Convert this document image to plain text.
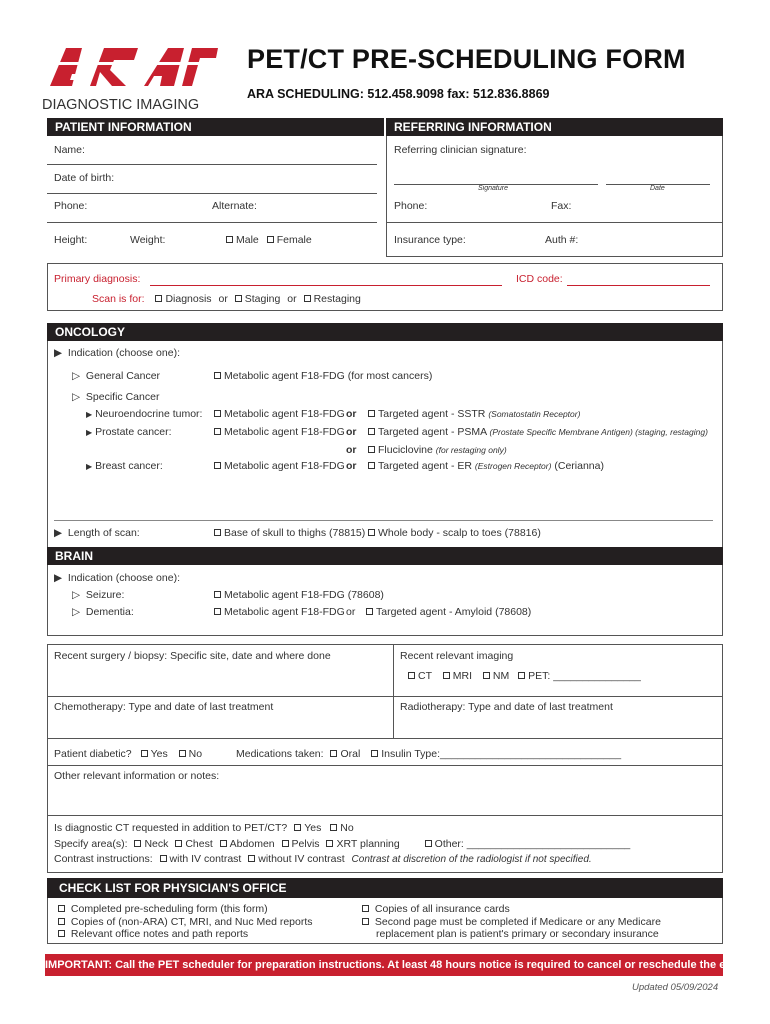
DIAGNOSTIC IMAGING
PET/CT PRE-SCHEDULING FORM
ARA SCHEDULING: 512.458.9098 fax: 512.836.8869
PATIENT INFORMATION
Name:
Date of birth:
Phone:	Alternate:
Height:	Weight:	Male Female
REFERRING INFORMATION
Referring clinician signature:
Signature	Date
Phone:	Fax:
Insurance type:	Auth #:
Primary diagnosis:	ICD code:
Scan is for: Diagnosis or Staging or Restaging
ONCOLOGY
▶ Indication (choose one):
▷ General Cancer	Metabolic agent F18-FDG (for most cancers)
▷ Specific Cancer
▶ Neuroendocrine tumor:	Metabolic agent F18-FDG or	Targeted agent - SSTR (Somatostatin Receptor)
▶ Prostate cancer:	Metabolic agent F18-FDG or	Targeted agent - PSMA (Prostate Specific Membrane Antigen) (staging, restaging)
or	Fluciclovine (for restaging only)
▶ Breast cancer:	Metabolic agent F18-FDG or	Targeted agent - ER (Estrogen Receptor) (Cerianna)
▶ Length of scan:	Base of skull to thighs (78815)	Whole body - scalp to toes (78816)
BRAIN
▶ Indication (choose one):
▷ Seizure:	Metabolic agent F18-FDG (78608)
▷ Dementia:	Metabolic agent F18-FDG or	Targeted agent - Amyloid (78608)
Recent surgery / biopsy: Specific site, date and where done	Recent relevant imaging
CT MRI NM PET: _______________
Chemotherapy: Type and date of last treatment	Radiotherapy: Type and date of last treatment
Patient diabetic? Yes No	Medications taken: Oral Insulin Type:_______________________________
Other relevant information or notes:
Is diagnostic CT requested in addition to PET/CT? Yes No
Specify area(s): Neck Chest Abdomen Pelvis XRT planning	Other: ____________________________
Contrast instructions: with IV contrast without IV contrast Contrast at discretion of the radiologist if not specified.
CHECK LIST FOR PHYSICIAN'S OFFICE
Completed pre-scheduling form (this form)
Copies of (non-ARA) CT, MRI, and Nuc Med reports
Relevant office notes and path reports
Copies of all insurance cards
Second page must be completed if Medicare or any Medicare
replacement plan is patient's primary or secondary insurance
IMPORTANT: Call the PET scheduler for preparation instructions. At least 48 hours notice is required to cancel or reschedule the exam.
Updated 05/09/2024
